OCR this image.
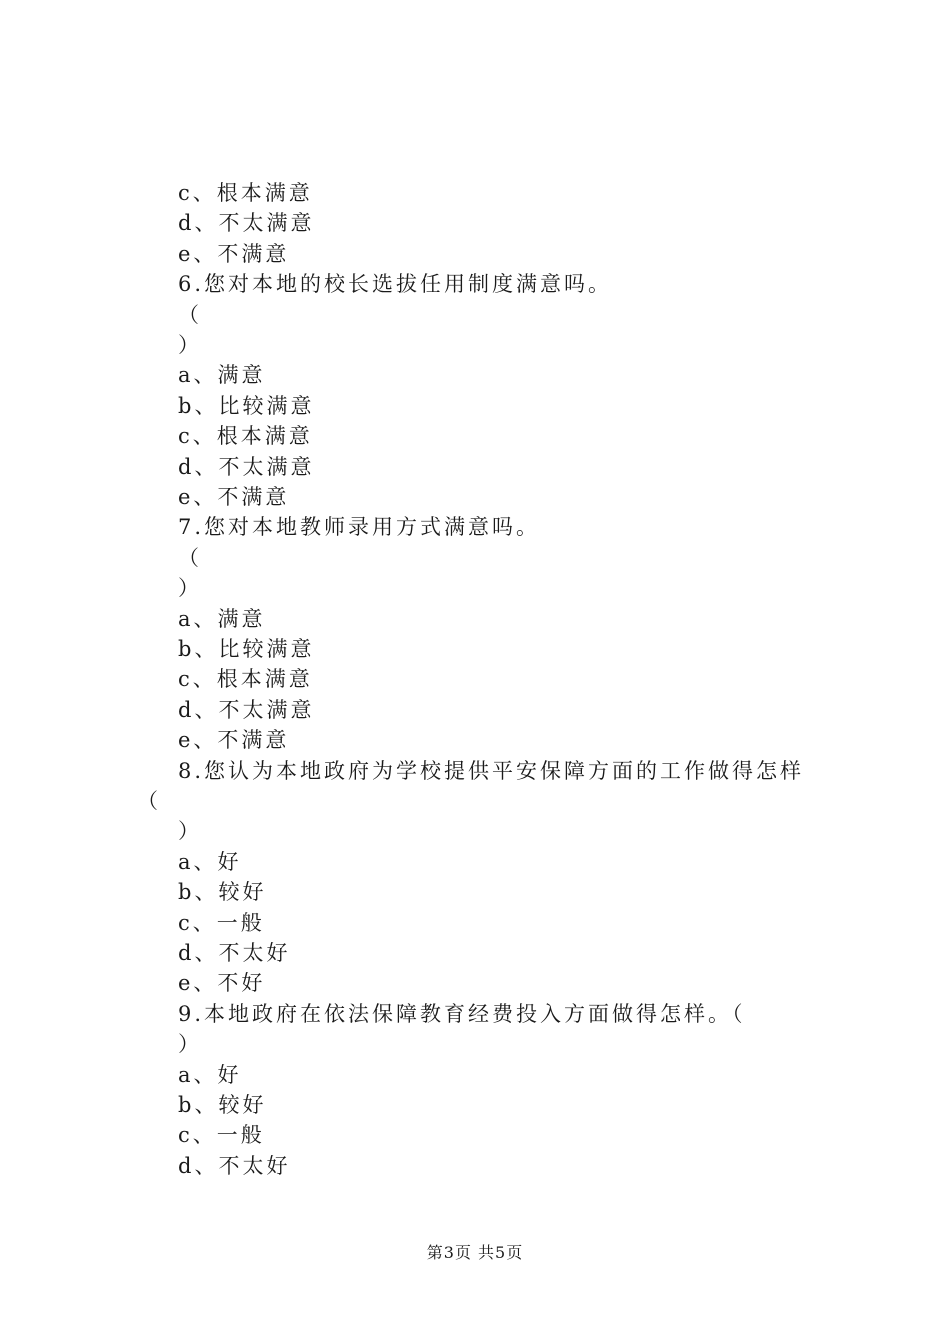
c、根本满意

d、不太满意

e、不满意

6.您对本地的校长选拔任用制度满意吗。

（

）

a、满意

b、比较满意

c、根本满意

d、不太满意

e、不满意

7.您对本地教师录用方式满意吗。

（

）

a、满意

b、比较满意

c、根本满意

d、不太满意

e、不满意

8.您认为本地政府为学校提供平安保障方面的工作做得怎样

（

）

a、好

b、较好

c、一般

d、不太好

e、不好

9.本地政府在依法保障教育经费投入方面做得怎样。（

）

a、好

b、较好

c、一般

d、不太好

第3页 共5页
